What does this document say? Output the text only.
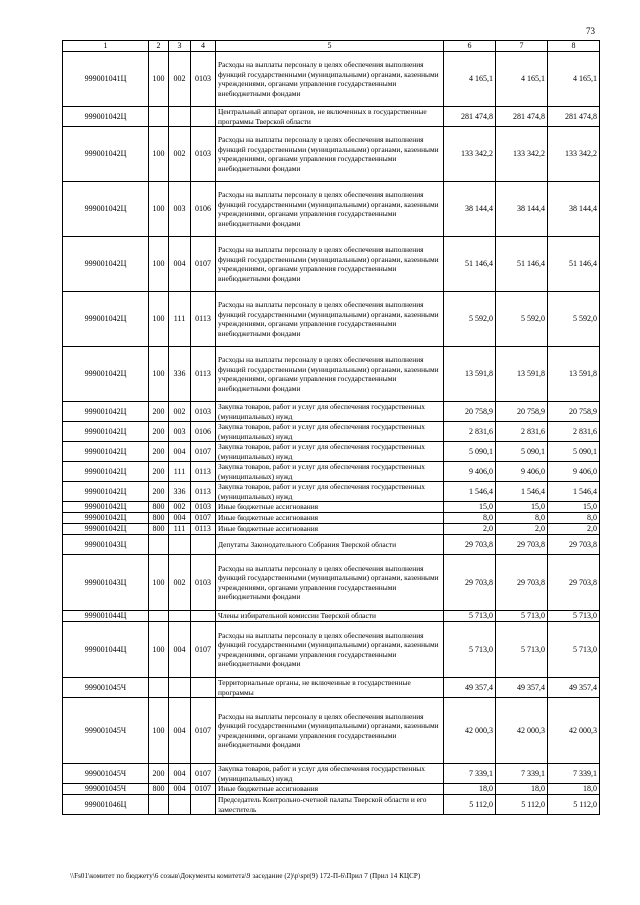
73
1	2	3	4	5	6	7	8
999001041Ц	100	002	0103	Расходы на выплаты персоналу в целях обеспечения выполнения функций государственными (муниципальными) органами, казенными учреждениями, органами управления государственными внебюджетными фондами	4 165,1	4 165,1	4 165,1
999001042Ц				Центральный аппарат органов, не включенных в государственные программы Тверской области	281 474,8	281 474,8	281 474,8
999001042Ц	100	002	0103	Расходы на выплаты персоналу в целях обеспечения выполнения функций государственными (муниципальными) органами, казенными учреждениями, органами управления государственными внебюджетными фондами	133 342,2	133 342,2	133 342,2
999001042Ц	100	003	0106	Расходы на выплаты персоналу в целях обеспечения выполнения функций государственными (муниципальными) органами, казенными учреждениями, органами управления государственными внебюджетными фондами	38 144,4	38 144,4	38 144,4
999001042Ц	100	004	0107	Расходы на выплаты персоналу в целях обеспечения выполнения функций государственными (муниципальными) органами, казенными учреждениями, органами управления государственными внебюджетными фондами	51 146,4	51 146,4	51 146,4
999001042Ц	100	111	0113	Расходы на выплаты персоналу в целях обеспечения выполнения функций государственными (муниципальными) органами, казенными учреждениями, органами управления государственными внебюджетными фондами	5 592,0	5 592,0	5 592,0
999001042Ц	100	336	0113	Расходы на выплаты персоналу в целях обеспечения выполнения функций государственными (муниципальными) органами, казенными учреждениями, органами управления государственными внебюджетными фондами	13 591,8	13 591,8	13 591,8
999001042Ц	200	002	0103	Закупка товаров, работ и услуг для обеспечения государственных (муниципальных) нужд	20 758,9	20 758,9	20 758,9
999001042Ц	200	003	0106	Закупка товаров, работ и услуг для обеспечения государственных (муниципальных) нужд	2 831,6	2 831,6	2 831,6
999001042Ц	200	004	0107	Закупка товаров, работ и услуг для обеспечения государственных (муниципальных) нужд	5 090,1	5 090,1	5 090,1
999001042Ц	200	111	0113	Закупка товаров, работ и услуг для обеспечения государственных (муниципальных) нужд	9 406,0	9 406,0	9 406,0
999001042Ц	200	336	0113	Закупка товаров, работ и услуг для обеспечения государственных (муниципальных) нужд	1 546,4	1 546,4	1 546,4
999001042Ц	800	002	0103	Иные бюджетные ассигнования	15,0	15,0	15,0
999001042Ц	800	004	0107	Иные бюджетные ассигнования	8,0	8,0	8,0
999001042Ц	800	111	0113	Иные бюджетные ассигнования	2,0	2,0	2,0
999001043Ц				Депутаты Законодательного Собрания Тверской области	29 703,8	29 703,8	29 703,8
999001043Ц	100	002	0103	Расходы на выплаты персоналу в целях обеспечения выполнения функций государственными (муниципальными) органами, казенными учреждениями, органами управления государственными внебюджетными фондами	29 703,8	29 703,8	29 703,8
999001044Ц				Члены избирательной комиссии Тверской области	5 713,0	5 713,0	5 713,0
999001044Ц	100	004	0107	Расходы на выплаты персоналу в целях обеспечения выполнения функций государственными (муниципальными) органами, казенными учреждениями, органами управления государственными внебюджетными фондами	5 713,0	5 713,0	5 713,0
999001045Ч				Территориальные органы, не включенные в государственные программы	49 357,4	49 357,4	49 357,4
999001045Ч	100	004	0107	Расходы на выплаты персоналу в целях обеспечения выполнения функций государственными (муниципальными) органами, казенными учреждениями, органами управления государственными внебюджетными фондами	42 000,3	42 000,3	42 000,3
999001045Ч	200	004	0107	Закупка товаров, работ и услуг для обеспечения государственных (муниципальных) нужд	7 339,1	7 339,1	7 339,1
999001045Ч	800	004	0107	Иные бюджетные ассигнования	18,0	18,0	18,0
999001046Ц				Председатель Контрольно-счетной палаты Тверской области и его заместитель	5 112,0	5 112,0	5 112,0
\\Fs01\комитет по бюджету\6 созыв\Документы комитета\9 заседание (2)\p\spr(9) 172-П-6\Прил 7 (Прил 14 КЦСР)
